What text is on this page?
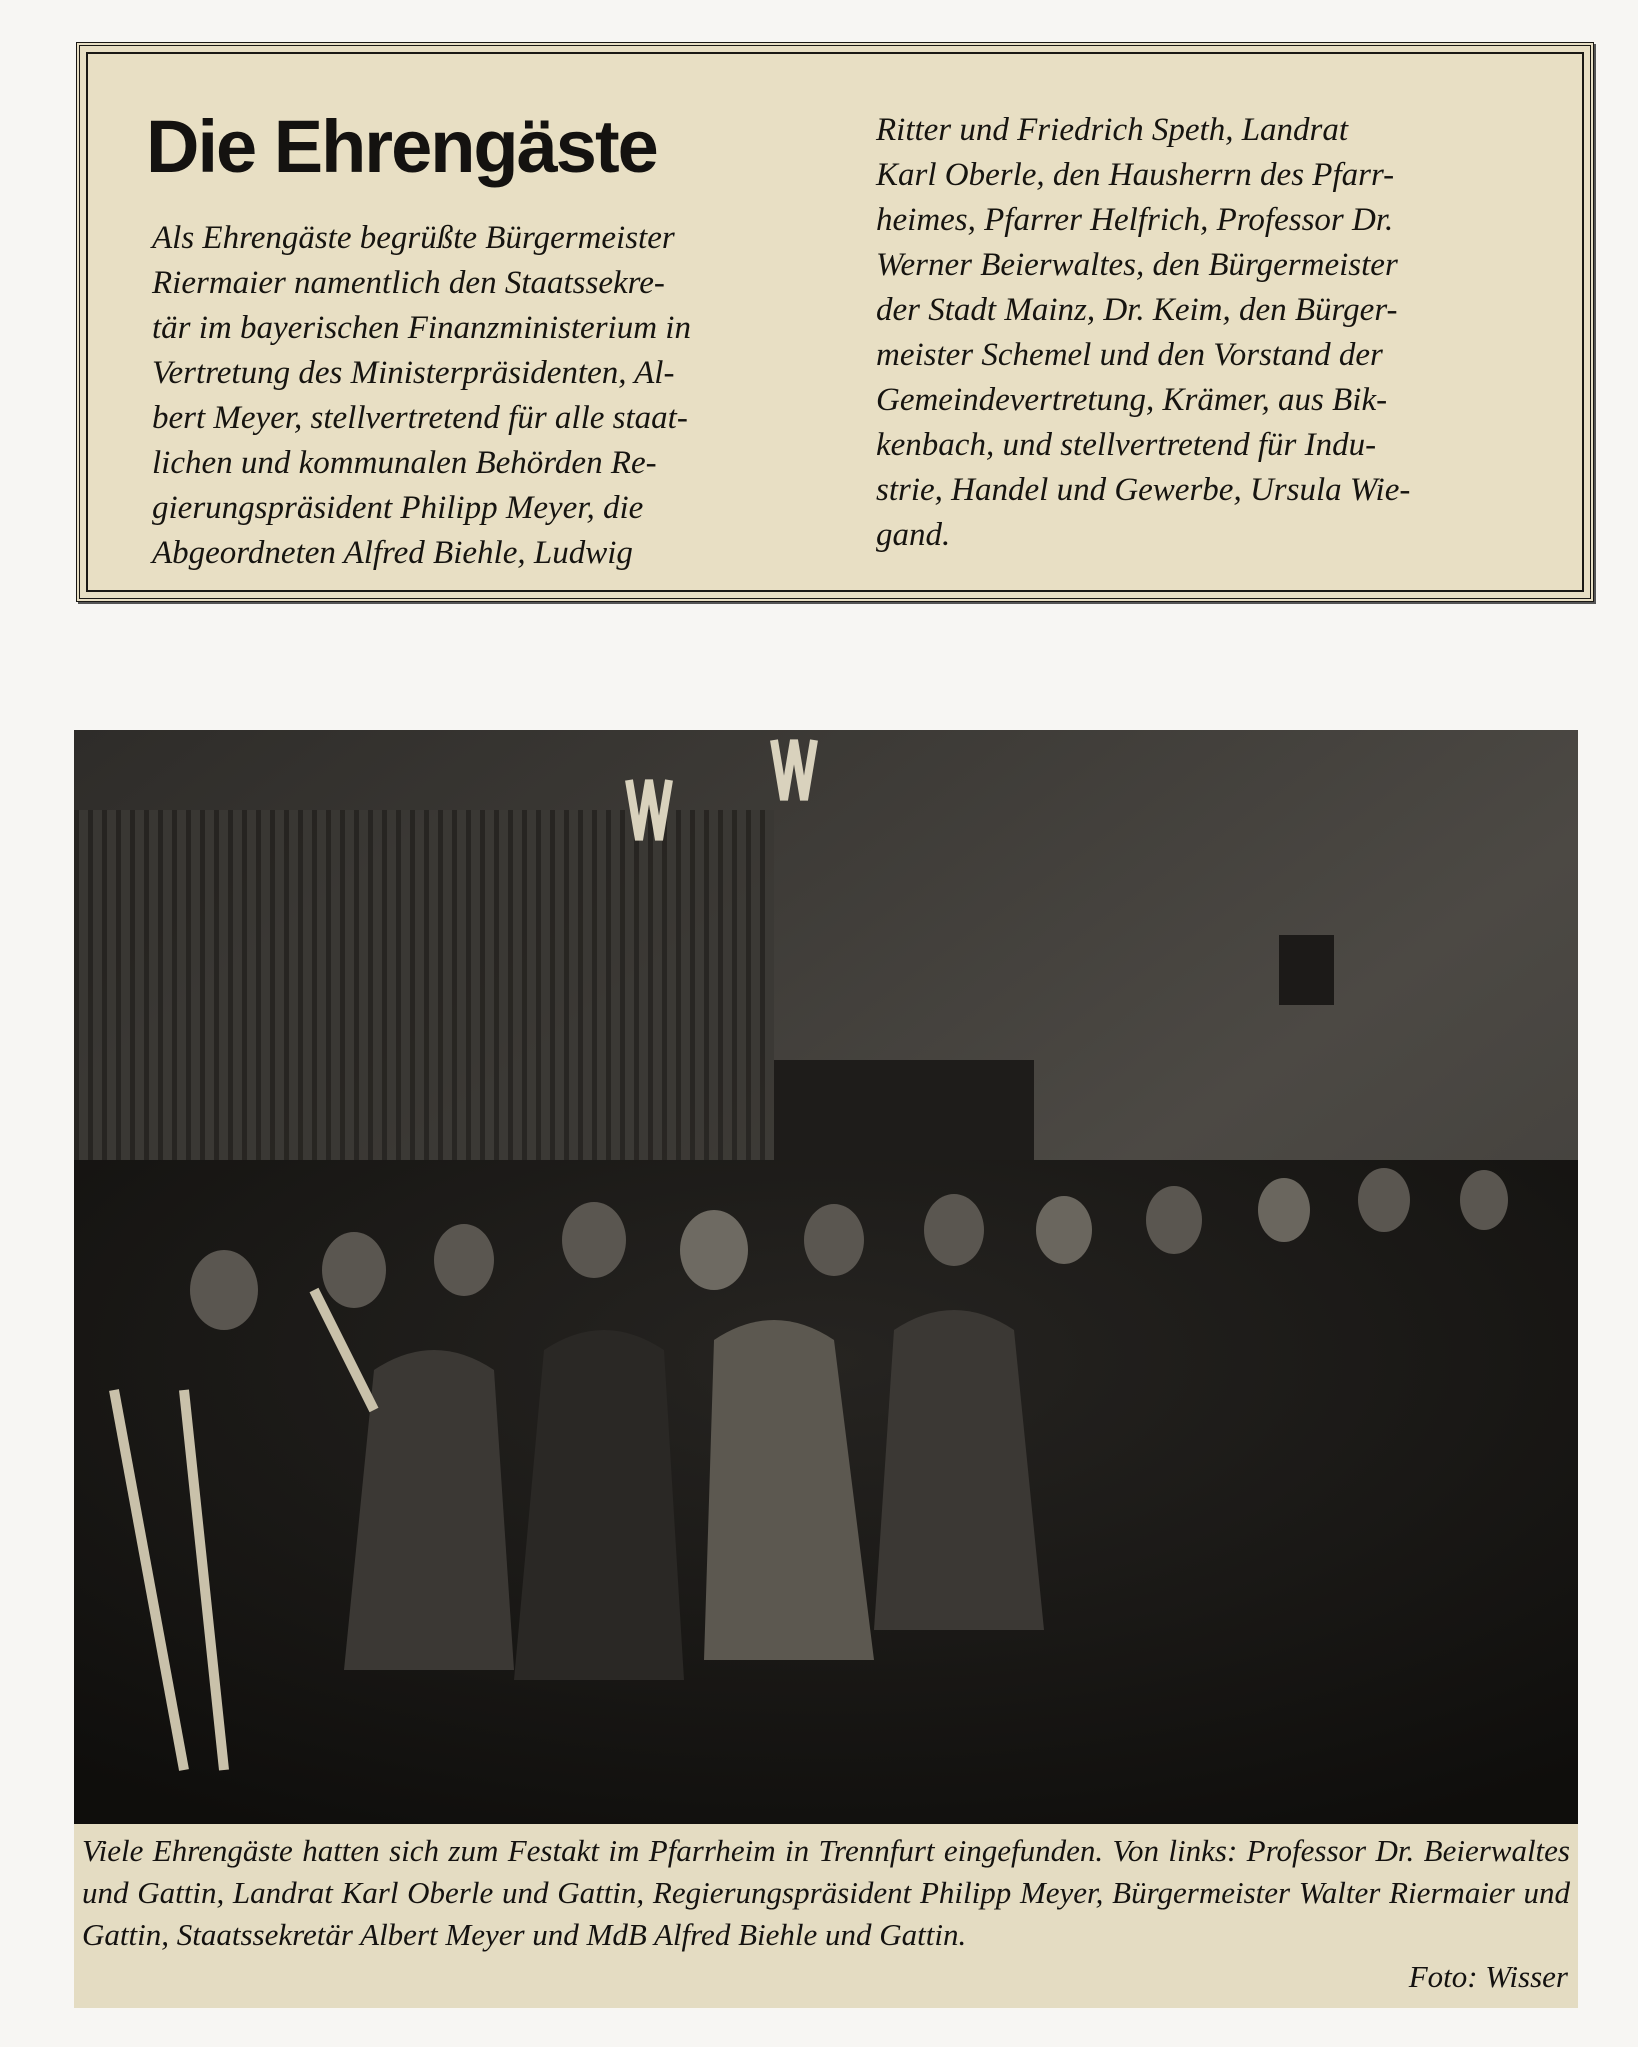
Die Ehrengäste

Als Ehrengäste begrüßte Bürgermeister
Riermaier namentlich den Staatssekre-
tär im bayerischen Finanzministerium in
Vertretung des Ministerpräsidenten, Al-
bert Meyer, stellvertretend für alle staat-
lichen und kommunalen Behörden Re-
gierungspräsident Philipp Meyer, die
Abgeordneten Alfred Biehle, Ludwig

Ritter und Friedrich Speth, Landrat
Karl Oberle, den Hausherrn des Pfarr-
heimes, Pfarrer Helfrich, Professor Dr.
Werner Beierwaltes, den Bürgermeister
der Stadt Mainz, Dr. Keim, den Bürger-
meister Schemel und den Vorstand der
Gemeindevertretung, Krämer, aus Bik-
kenbach, und stellvertretend für Indu-
strie, Handel und Gewerbe, Ursula Wie-
gand.

Viele Ehrengäste hatten sich zum Festakt im Pfarrheim in Trennfurt eingefunden. Von links: Professor Dr. Beierwaltes und Gattin, Landrat Karl Oberle und Gattin, Regierungspräsident Philipp Meyer, Bürgermeister Walter Riermaier und Gattin, Staatssekretär Albert Meyer und MdB Alfred Biehle und Gattin.

Foto: Wisser
